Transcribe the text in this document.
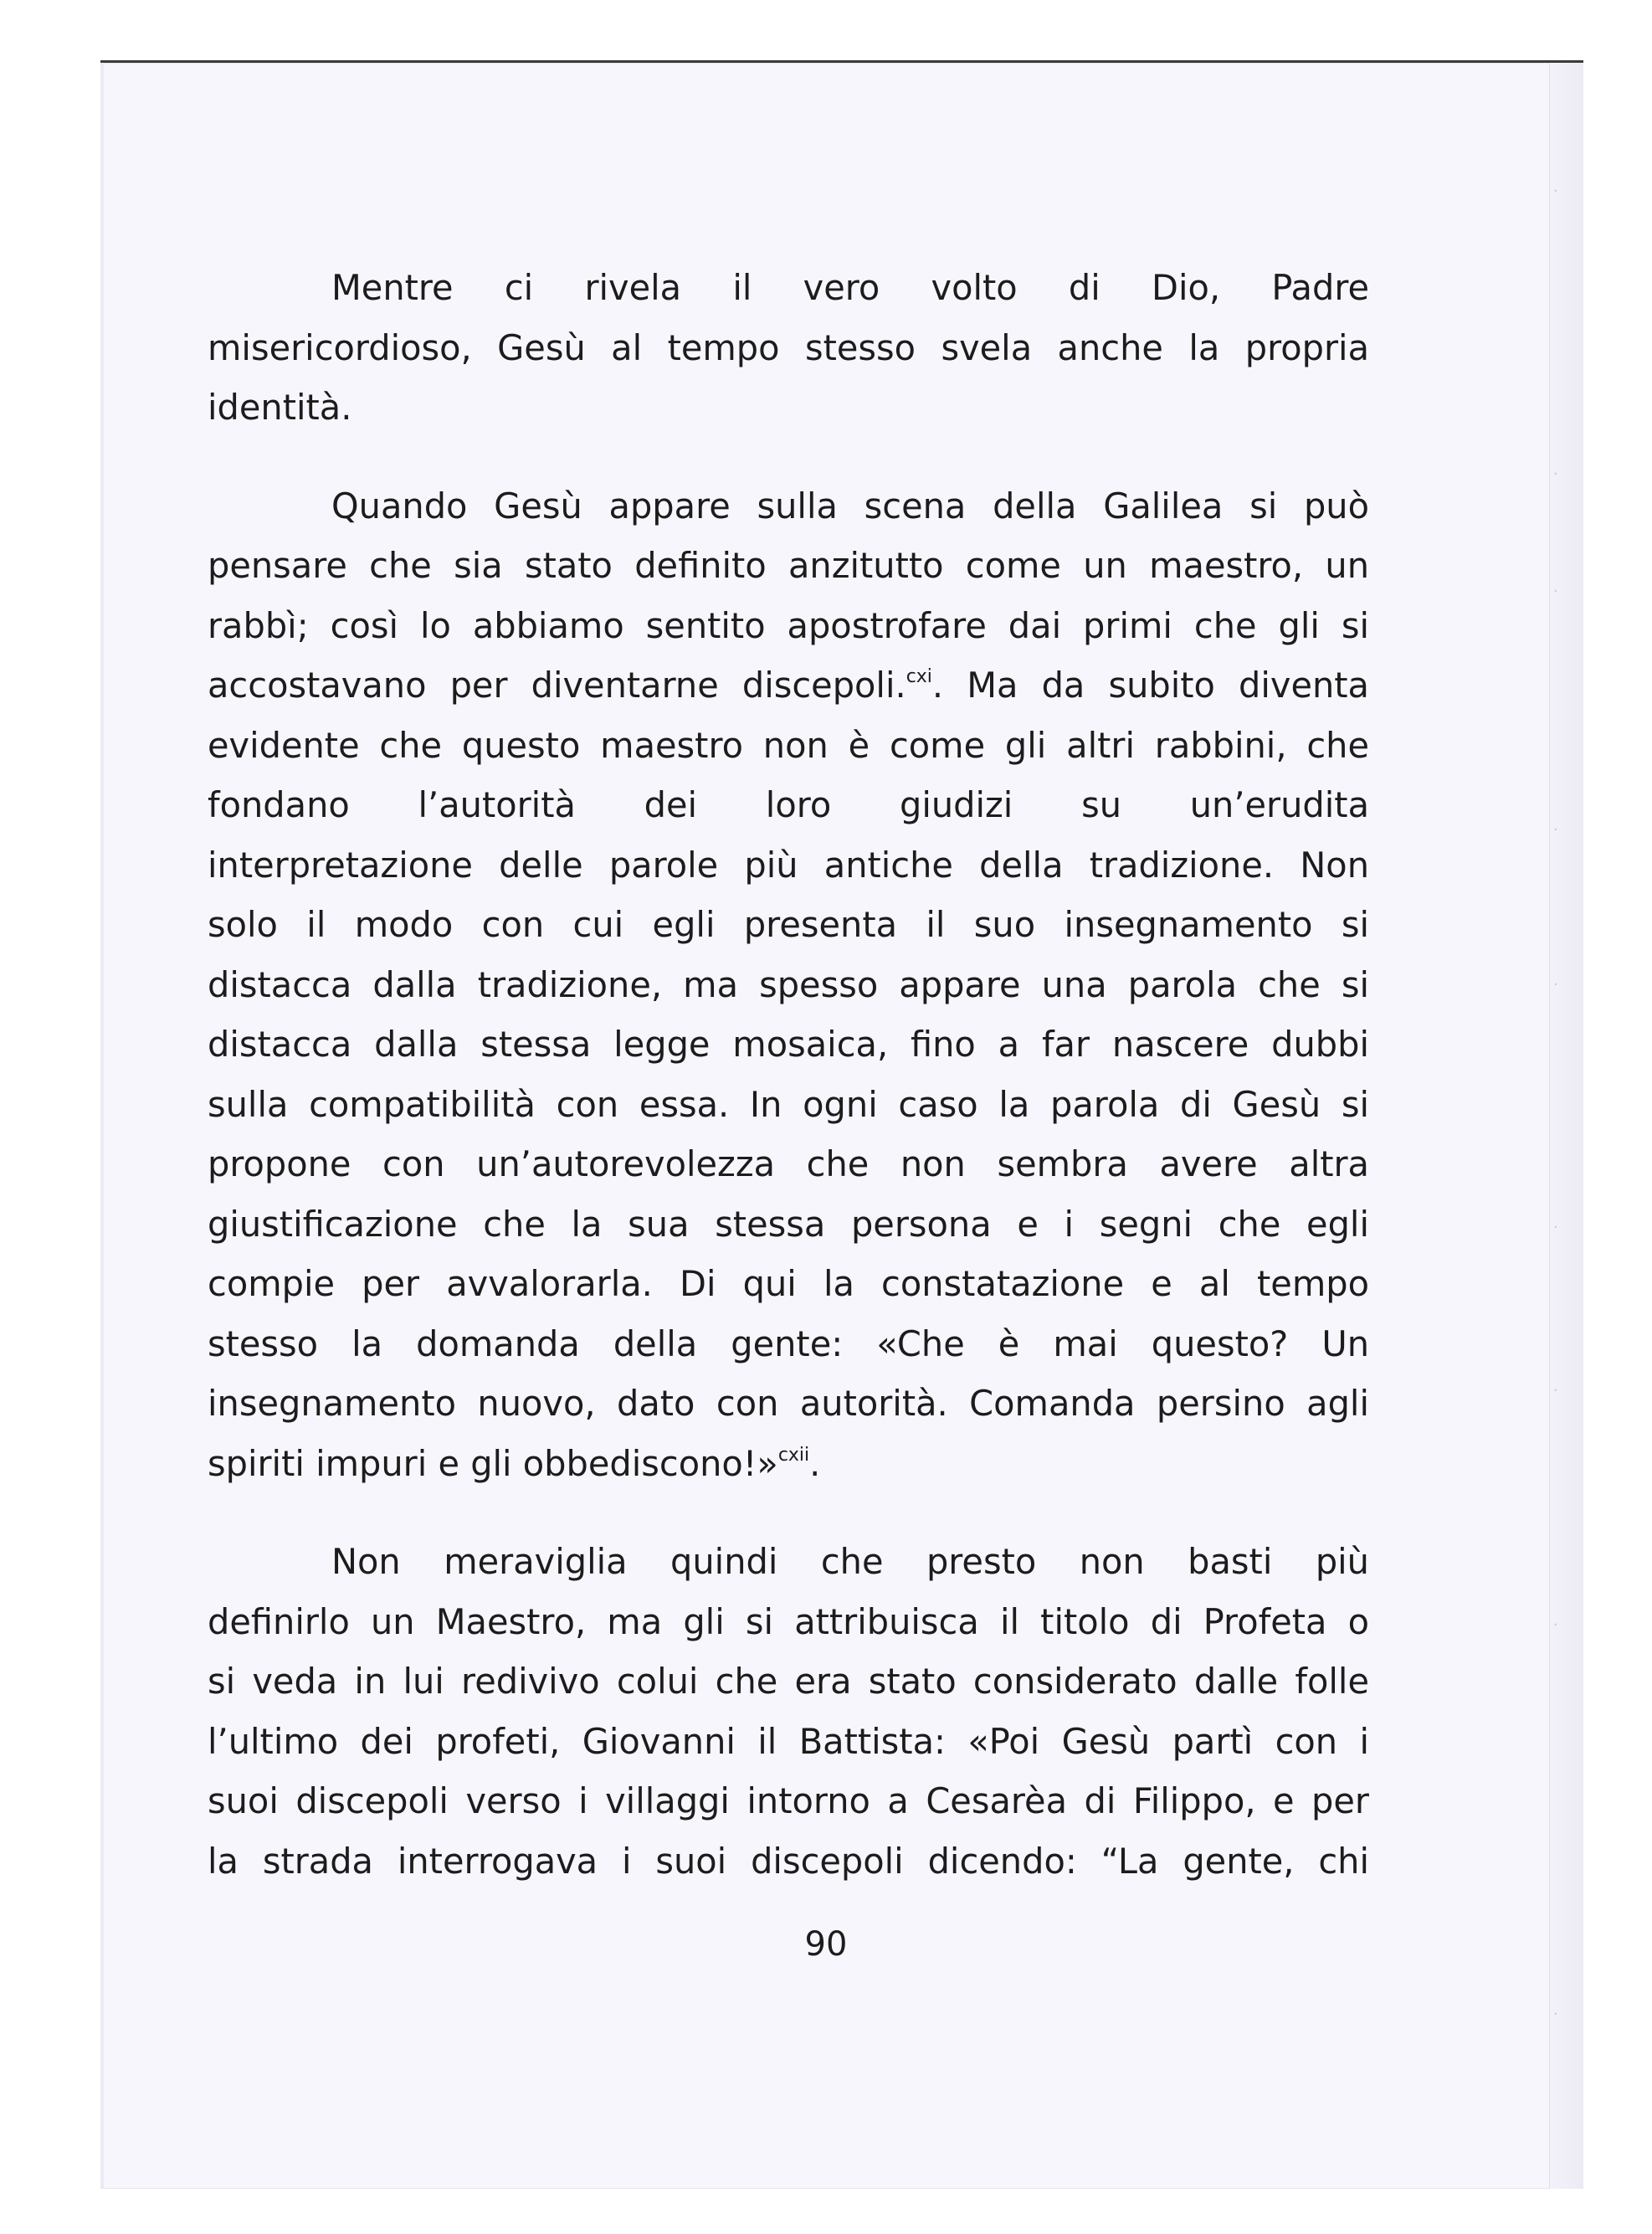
·
·
·
·
·
·
·
·
·

Mentre ci rivela il vero volto di Dio, Padre
misericordioso, Gesù al tempo stesso svela anche la propria
identità.

Quando Gesù appare sulla scena della Galilea si può
pensare che sia stato definito anzitutto come un maestro, un
rabbì; così lo abbiamo sentito apostrofare dai primi che gli si
accostavano per diventarne discepoli.$^{cxi}$. Ma da subito diventa
evidente che questo maestro non è come gli altri rabbini, che
fondano l’autorità dei loro giudizi su un’erudita
interpretazione delle parole più antiche della tradizione. Non
solo il modo con cui egli presenta il suo insegnamento si
distacca dalla tradizione, ma spesso appare una parola che si
distacca dalla stessa legge mosaica, fino a far nascere dubbi
sulla compatibilità con essa. In ogni caso la parola di Gesù si
propone con un’autorevolezza che non sembra avere altra
giustificazione che la sua stessa persona e i segni che egli
compie per avvalorarla. Di qui la constatazione e al tempo
stesso la domanda della gente: «Che è mai questo? Un
insegnamento nuovo, dato con autorità. Comanda persino agli
spiriti impuri e gli obbediscono!»$^{cxii}$.

Non meraviglia quindi che presto non basti più
definirlo un Maestro, ma gli si attribuisca il titolo di Profeta o
si veda in lui redivivo colui che era stato considerato dalle folle
l’ultimo dei profeti, Giovanni il Battista: «Poi Gesù partì con i
suoi discepoli verso i villaggi intorno a Cesarèa di Filippo, e per
la strada interrogava i suoi discepoli dicendo: “La gente, chi

90
